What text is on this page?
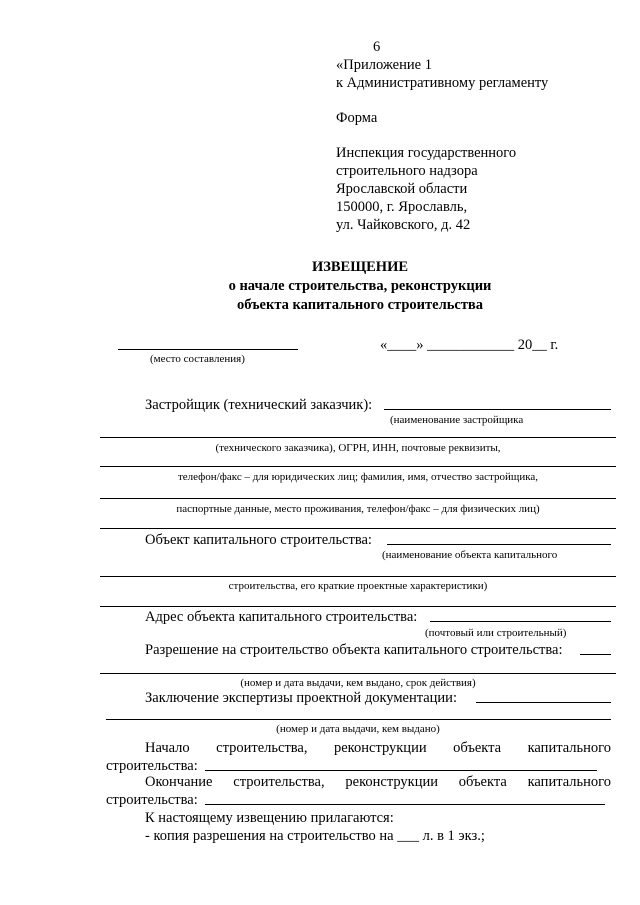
6
«Приложение 1
к Административному регламенту
Форма
Инспекция государственного
строительного надзора
Ярославской области
150000, г. Ярославль,
ул. Чайковского, д. 42
ИЗВЕЩЕНИЕ
о начале строительства, реконструкции
объекта капитального строительства
«____» ____________ 20__ г.
(место составления)
Застройщик (технический заказчик):
(наименование застройщика
(технического заказчика), ОГРН, ИНН, почтовые реквизиты,
телефон/факс – для юридических лиц; фамилия, имя, отчество застройщика,
паспортные данные, место проживания, телефон/факс – для физических лиц)
Объект капитального строительства:
(наименование объекта капитального
строительства, его краткие проектные характеристики)
Адрес объекта капитального строительства:
(почтовый или строительный)
Разрешение на строительство объекта капитального строительства:
(номер и дата выдачи, кем выдано, срок действия)
Заключение экспертизы проектной документации:
(номер и дата выдачи, кем выдано)
Начало строительства, реконструкции объекта капитального
строительства:
Окончание строительства, реконструкции объекта капитального
строительства:
К настоящему извещению прилагаются:
- копия разрешения на строительство на ___ л. в 1 экз.;
